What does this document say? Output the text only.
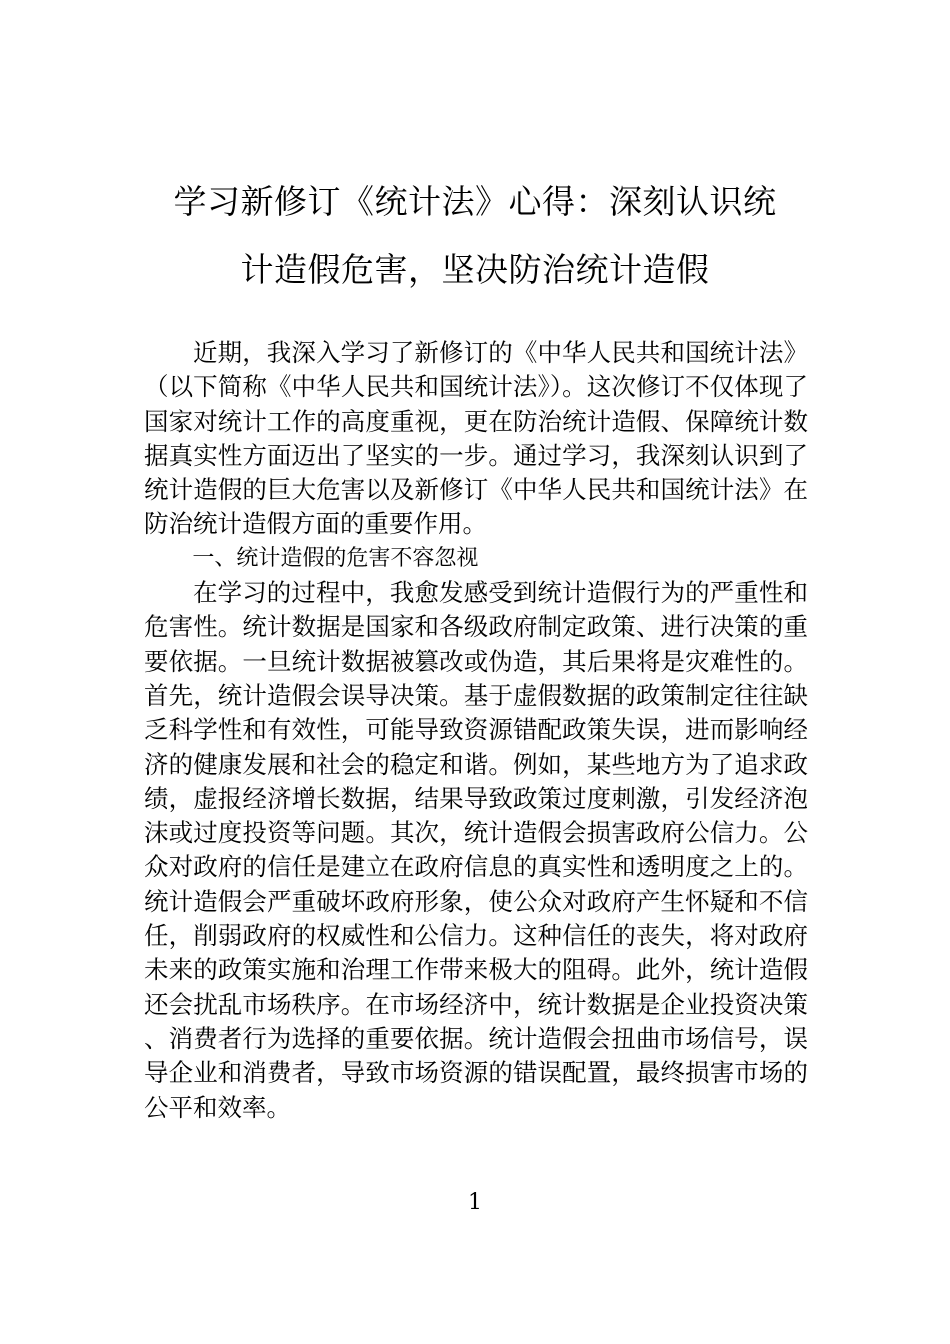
学习新修订《统计法》心得：深刻认识统
计造假危害，坚决防治统计造假

近期，我深入学习了新修订的《中华人民共和国统计法》（以下简称《中华人民共和国统计法》）。这次修订不仅体现了国家对统计工作的高度重视，更在防治统计造假、保障统计数据真实性方面迈出了坚实的一步。通过学习，我深刻认识到了统计造假的巨大危害以及新修订《中华人民共和国统计法》在防治统计造假方面的重要作用。

一、统计造假的危害不容忽视

在学习的过程中，我愈发感受到统计造假行为的严重性和危害性。统计数据是国家和各级政府制定政策、进行决策的重要依据。一旦统计数据被篡改或伪造，其后果将是灾难性的。首先，统计造假会误导决策。基于虚假数据的政策制定往往缺乏科学性和有效性，可能导致资源错配政策失误，进而影响经济的健康发展和社会的稳定和谐。例如，某些地方为了追求政绩，虚报经济增长数据，结果导致政策过度刺激，引发经济泡沫或过度投资等问题。其次，统计造假会损害政府公信力。公众对政府的信任是建立在政府信息的真实性和透明度之上的。统计造假会严重破坏政府形象，使公众对政府产生怀疑和不信任，削弱政府的权威性和公信力。这种信任的丧失，将对政府未来的政策实施和治理工作带来极大的阻碍。此外，统计造假还会扰乱市场秩序。在市场经济中，统计数据是企业投资决策、消费者行为选择的重要依据。统计造假会扭曲市场信号，误导企业和消费者，导致市场资源的错误配置，最终损害市场的公平和效率。

1
